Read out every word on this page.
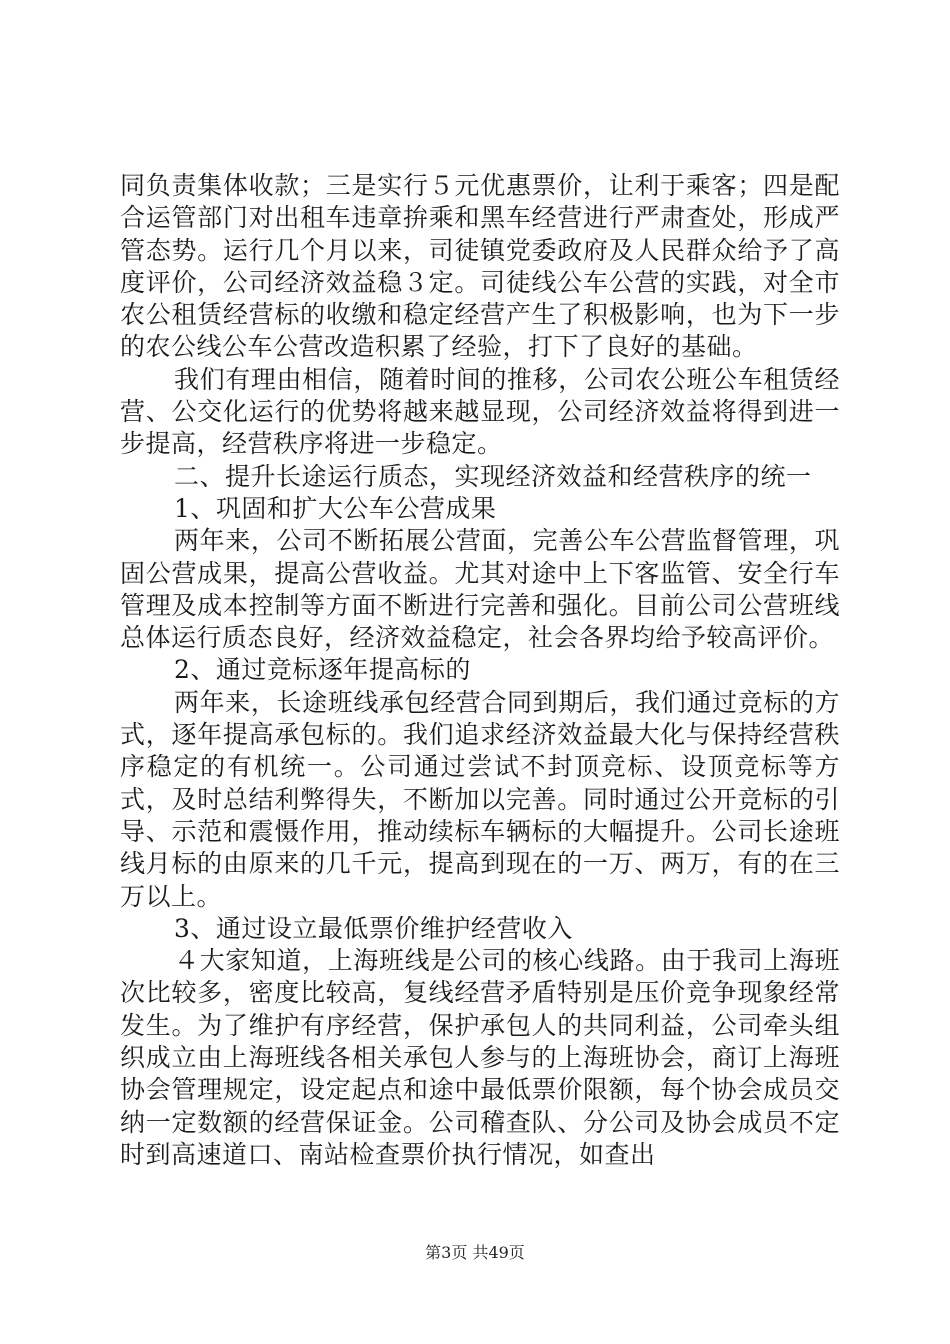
同负责集体收款；三是实行５元优惠票价，让利于乘客；四是配合运管部门对出租车违章拚乘和黑车经营进行严肃查处，形成严管态势。运行几个月以来，司徒镇党委政府及人民群众给予了高度评价，公司经济效益稳３定。司徒线公车公营的实践，对全市农公租赁经营标的收缴和稳定经营产生了积极影响，也为下一步的农公线公车公营改造积累了经验，打下了良好的基础。

我们有理由相信，随着时间的推移，公司农公班公车租赁经营、公交化运行的优势将越来越显现，公司经济效益将得到进一步提高，经营秩序将进一步稳定。

二、提升长途运行质态，实现经济效益和经营秩序的统一

1、巩固和扩大公车公营成果

两年来，公司不断拓展公营面，完善公车公营监督管理，巩固公营成果，提高公营收益。尤其对途中上下客监管、安全行车管理及成本控制等方面不断进行完善和强化。目前公司公营班线总体运行质态良好，经济效益稳定，社会各界均给予较高评价。

2、通过竞标逐年提高标的

两年来，长途班线承包经营合同到期后，我们通过竞标的方式，逐年提高承包标的。我们追求经济效益最大化与保持经营秩序稳定的有机统一。公司通过尝试不封顶竞标、设顶竞标等方式，及时总结利弊得失，不断加以完善。同时通过公开竞标的引导、示范和震慑作用，推动续标车辆标的大幅提升。公司长途班线月标的由原来的几千元，提高到现在的一万、两万，有的在三万以上。

3、通过设立最低票价维护经营收入

４大家知道，上海班线是公司的核心线路。由于我司上海班次比较多，密度比较高，复线经营矛盾特别是压价竞争现象经常发生。为了维护有序经营，保护承包人的共同利益，公司牵头组织成立由上海班线各相关承包人参与的上海班协会，商订上海班协会管理规定，设定起点和途中最低票价限额，每个协会成员交纳一定数额的经营保证金。公司稽查队、分公司及协会成员不定时到高速道口、南站检查票价执行情况，如查出

第3页 共49页
